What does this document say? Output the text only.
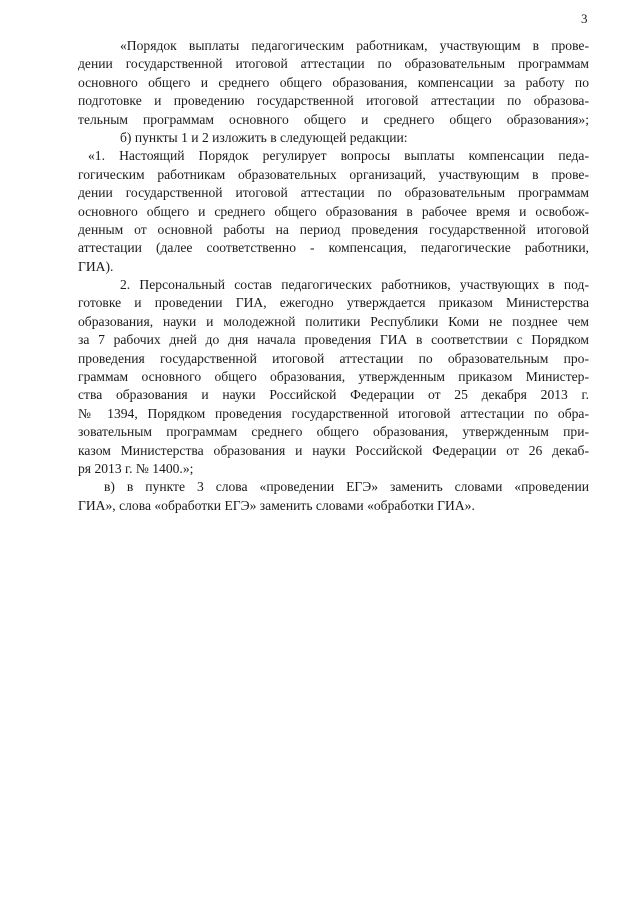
3
«Порядок выплаты педагогическим работникам, участвующим в прове-
дении государственной итоговой аттестации по образовательным программам
основного общего и среднего общего образования, компенсации за работу по
подготовке и проведению государственной итоговой аттестации по образова-
тельным программам основного общего и среднего общего образования»;
б) пункты 1 и 2 изложить в следующей редакции:
«1. Настоящий Порядок регулирует вопросы выплаты компенсации педа-
гогическим работникам образовательных организаций, участвующим в прове-
дении государственной итоговой аттестации по образовательным программам
основного общего и среднего общего образования в рабочее время и освобож-
денным от основной работы на период проведения государственной итоговой
аттестации (далее соответственно - компенсация, педагогические работники,
ГИА).
2. Персональный состав педагогических работников, участвующих в под-
готовке и проведении ГИА, ежегодно утверждается приказом Министерства
образования, науки и молодежной политики Республики Коми не позднее чем
за 7 рабочих дней до дня начала проведения ГИА в соответствии с Порядком
проведения государственной итоговой аттестации по образовательным про-
граммам основного общего образования, утвержденным приказом Министер-
ства образования и науки Российской Федерации от 25 декабря 2013 г.
№ 1394, Порядком проведения государственной итоговой аттестации по обра-
зовательным программам среднего общего образования, утвержденным при-
казом Министерства образования и науки Российской Федерации от 26 декаб-
ря 2013 г. № 1400.»;
в) в пункте 3 слова «проведении ЕГЭ» заменить словами «проведении
ГИА», слова «обработки ЕГЭ» заменить словами «обработки ГИА».
